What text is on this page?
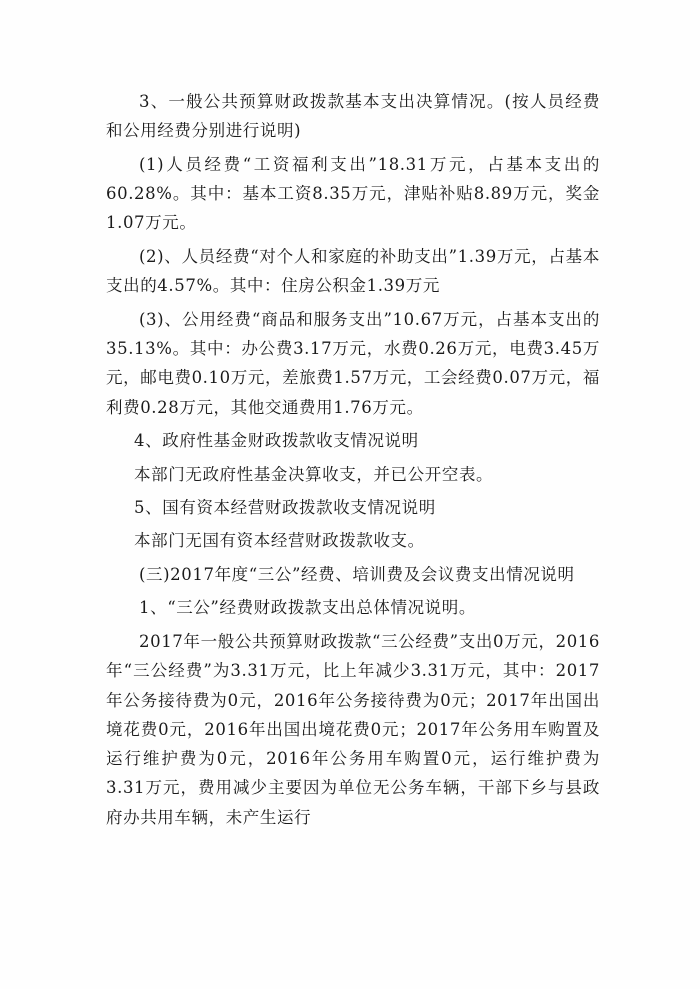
3、一般公共预算财政拨款基本支出决算情况。(按人员经费和公用经费分别进行说明)

(1)人员经费“工资福利支出”18.31万元，占基本支出的60.28%。其中：基本工资8.35万元，津贴补贴8.89万元，奖金1.07万元。

(2)、人员经费“对个人和家庭的补助支出”1.39万元，占基本支出的4.57%。其中：住房公积金1.39万元

(3)、公用经费“商品和服务支出”10.67万元，占基本支出的35.13%。其中：办公费3.17万元，水费0.26万元，电费3.45万元，邮电费0.10万元，差旅费1.57万元，工会经费0.07万元，福利费0.28万元，其他交通费用1.76万元。

4、政府性基金财政拨款收支情况说明

本部门无政府性基金决算收支，并已公开空表。

5、国有资本经营财政拨款收支情况说明

本部门无国有资本经营财政拨款收支。

(三)2017年度“三公”经费、培训费及会议费支出情况说明

1、“三公”经费财政拨款支出总体情况说明。

2017年一般公共预算财政拨款“三公经费”支出0万元，2016年“三公经费”为3.31万元，比上年减少3.31万元，其中：2017年公务接待费为0元，2016年公务接待费为0元；2017年出国出境花费0元，2016年出国出境花费0元；2017年公务用车购置及运行维护费为0元，2016年公务用车购置0元，运行维护费为3.31万元，费用减少主要因为单位无公务车辆，干部下乡与县政府办共用车辆，未产生运行
